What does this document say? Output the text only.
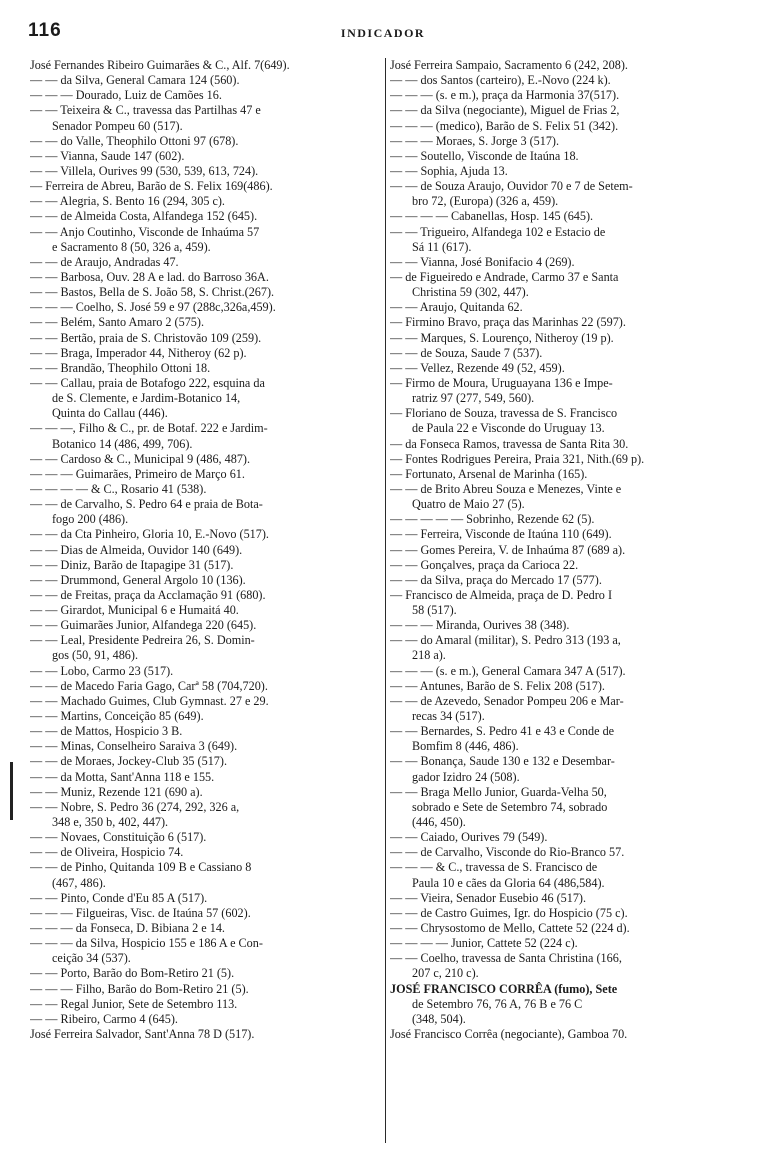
116	INDICADOR
José Fernandes Ribeiro Guimarães & C., Alf. 7(649).
— — da Silva, General Camara 124 (560).
— — — Dourado, Luiz de Camões 16.
— — Teixeira & C., travessa das Partilhas 47 e
Senador Pompeu 60 (517).
— — do Valle, Theophilo Ottoni 97 (678).
— — Vianna, Saude 147 (602).
— — Villela, Ourives 99 (530, 539, 613, 724).
— Ferreira de Abreu, Barão de S. Felix 169(486).
— — Alegria, S. Bento 16 (294, 305 c).
— — de Almeida Costa, Alfandega 152 (645).
— — Anjo Coutinho, Visconde de Inhaúma 57
e Sacramento 8 (50, 326 a, 459).
— — de Araujo, Andradas 47.
— — Barbosa, Ouv. 28 A e lad. do Barroso 36A.
— — Bastos, Bella de S. João 58, S. Christ.(267).
— — — Coelho, S. José 59 e 97 (288c,326a,459).
— — Belém, Santo Amaro 2 (575).
— — Bertão, praia de S. Christovão 109 (259).
— — Braga, Imperador 44, Nitheroy (62 p).
— — Brandão, Theophilo Ottoni 18.
— — Callau, praia de Botafogo 222, esquina da
de S. Clemente, e Jardim-Botanico 14,
Quinta do Callau (446).
— — —, Filho & C., pr. de Botaf. 222 e Jardim-
Botanico 14 (486, 499, 706).
— — Cardoso & C., Municipal 9 (486, 487).
— — — Guimarães, Primeiro de Março 61.
— — — — & C., Rosario 41 (538).
— — de Carvalho, S. Pedro 64 e praia de Bota-
fogo 200 (486).
— — da Cta Pinheiro, Gloria 10, E.-Novo (517).
— — Dias de Almeida, Ouvidor 140 (649).
— — Diniz, Barão de Itapagipe 31 (517).
— — Drummond, General Argolo 10 (136).
— — de Freitas, praça da Acclamação 91 (680).
— — Girardot, Municipal 6 e Humaitá 40.
— — Guimarães Junior, Alfandega 220 (645).
— — Leal, Presidente Pedreira 26, S. Domin-
gos (50, 91, 486).
— — Lobo, Carmo 23 (517).
— — de Macedo Faria Gago, Carª 58 (704,720).
— — Machado Guimes, Club Gymnast. 27 e 29.
— — Martins, Conceição 85 (649).
— — de Mattos, Hospicio 3 B.
— — Minas, Conselheiro Saraiva 3 (649).
— — de Moraes, Jockey-Club 35 (517).
— — da Motta, Sant'Anna 118 e 155.
— — Muniz, Rezende 121 (690 a).
— — Nobre, S. Pedro 36 (274, 292, 326 a,
348 e, 350 b, 402, 447).
— — Novaes, Constituição 6 (517).
— — de Oliveira, Hospicio 74.
— — de Pinho, Quitanda 109 B e Cassiano 8
(467, 486).
— — Pinto, Conde d'Eu 85 A (517).
— — — Filgueiras, Visc. de Itaúna 57 (602).
— — — da Fonseca, D. Bibiana 2 e 14.
— — — da Silva, Hospicio 155 e 186 A e Con-
ceição 34 (537).
— — Porto, Barão do Bom-Retiro 21 (5).
— — — Filho, Barão do Bom-Retiro 21 (5).
— — Regal Junior, Sete de Setembro 113.
— — Ribeiro, Carmo 4 (645).
José Ferreira Salvador, Sant'Anna 78 D (517).
José Ferreira Sampaio, Sacramento 6 (242, 208).
— — dos Santos (carteiro), E.-Novo (224 k).
— — — (s. e m.), praça da Harmonia 37(517).
— — da Silva (negociante), Miguel de Frias 2,
— — — (medico), Barão de S. Felix 51 (342).
— — — Moraes, S. Jorge 3 (517).
— — Soutello, Visconde de Itaúna 18.
— — Sophia, Ajuda 13.
— — de Souza Araujo, Ouvidor 70 e 7 de Setem-
bro 72, (Europa) (326 a, 459).
— — — — Cabanellas, Hosp. 145 (645).
— — Trigueiro, Alfandega 102 e Estacio de
Sá 11 (617).
— — Vianna, José Bonifacio 4 (269).
— de Figueiredo e Andrade, Carmo 37 e Santa
Christina 59 (302, 447).
— — Araujo, Quitanda 62.
— Firmino Bravo, praça das Marinhas 22 (597).
— — Marques, S. Lourenço, Nitheroy (19 p).
— — de Souza, Saude 7 (537).
— — Vellez, Rezende 49 (52, 459).
— Firmo de Moura, Uruguayana 136 e Impe-
ratriz 97 (277, 549, 560).
— Floriano de Souza, travessa de S. Francisco
de Paula 22 e Visconde do Uruguay 13.
— da Fonseca Ramos, travessa de Santa Rita 30.
— Fontes Rodrigues Pereira, Praia 321, Nith.(69 p).
— Fortunato, Arsenal de Marinha (165).
— — de Brito Abreu Souza e Menezes, Vinte e
Quatro de Maio 27 (5).
— — — — — Sobrinho, Rezende 62 (5).
— — Ferreira, Visconde de Itaúna 110 (649).
— — Gomes Pereira, V. de Inhaúma 87 (689 a).
— — Gonçalves, praça da Carioca 22.
— — da Silva, praça do Mercado 17 (577).
— Francisco de Almeida, praça de D. Pedro I
58 (517).
— — — Miranda, Ourives 38 (348).
— — do Amaral (militar), S. Pedro 313 (193 a,
218 a).
— — — (s. e m.), General Camara 347 A (517).
— — Antunes, Barão de S. Felix 208 (517).
— — de Azevedo, Senador Pompeu 206 e Mar-
recas 34 (517).
— — Bernardes, S. Pedro 41 e 43 e Conde de
Bomfim 8 (446, 486).
— — Bonança, Saude 130 e 132 e Desembar-
gador Izidro 24 (508).
— — Braga Mello Junior, Guarda-Velha 50,
sobrado e Sete de Setembro 74, sobrado
(446, 450).
— — Caiado, Ourives 79 (549).
— — de Carvalho, Visconde do Rio-Branco 57.
— — — & C., travessa de S. Francisco de
Paula 10 e cães da Gloria 64 (486,584).
— — Vieira, Senador Eusebio 46 (517).
— — de Castro Guimes, Igr. do Hospicio (75 c).
— — Chrysostomo de Mello, Cattete 52 (224 d).
— — — — Junior, Cattete 52 (224 c).
— — Coelho, travessa de Santa Christina (166,
207 c, 210 c).
JOSÉ FRANCISCO CORRÊA (fumo), Sete
de Setembro 76, 76 A, 76 B e 76 C
(348, 504).
José Francisco Corrêa (negociante), Gamboa 70.
